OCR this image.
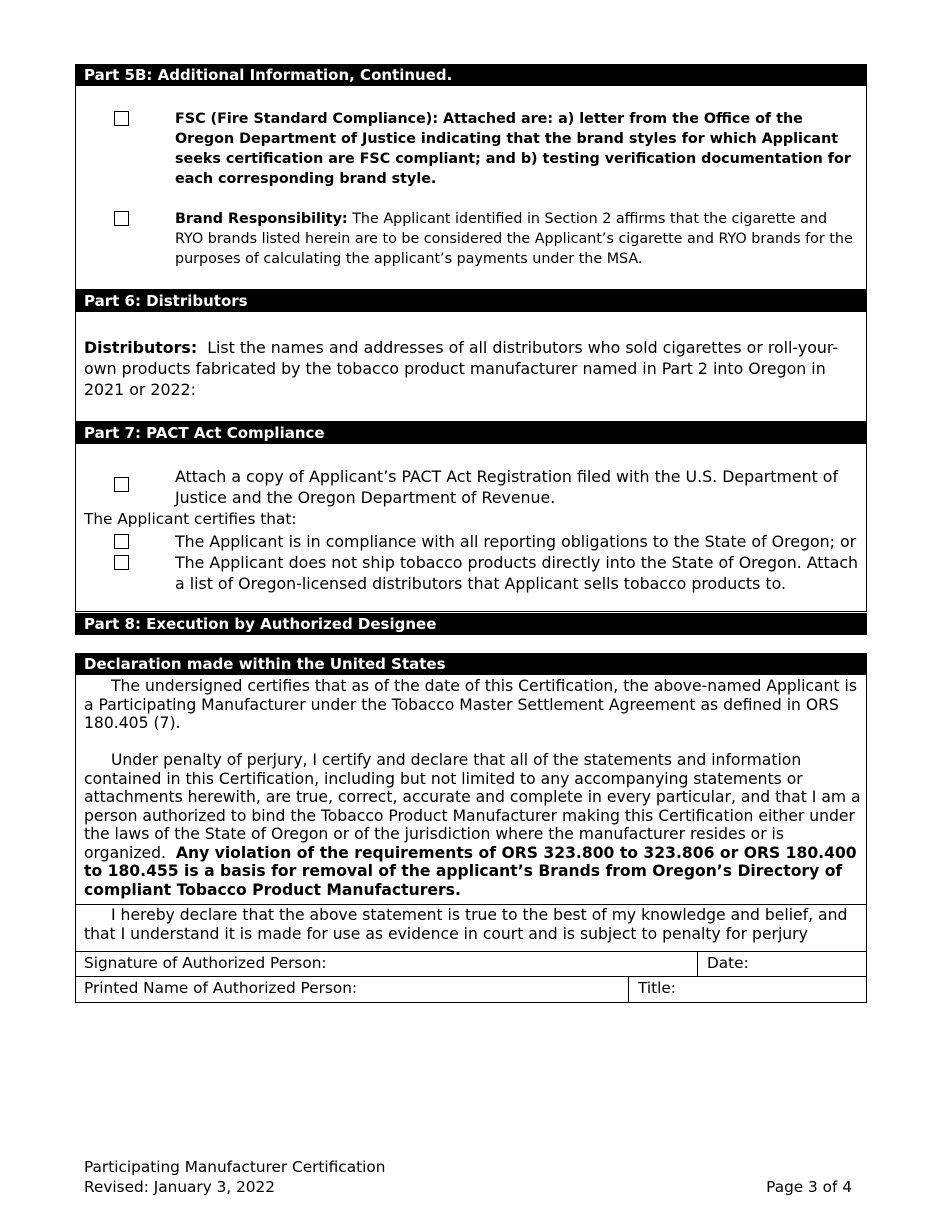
Part 5B: Additional Information, Continued.
FSC (Fire Standard Compliance): Attached are: a) letter from the Office of the Oregon Department of Justice indicating that the brand styles for which Applicant seeks certification are FSC compliant; and b) testing verification documentation for each corresponding brand style.
Brand Responsibility: The Applicant identified in Section 2 affirms that the cigarette and RYO brands listed herein are to be considered the Applicant’s cigarette and RYO brands for the purposes of calculating the applicant’s payments under the MSA.
Part 6: Distributors
Distributors: List the names and addresses of all distributors who sold cigarettes or roll-your-own products fabricated by the tobacco product manufacturer named in Part 2 into Oregon in 2021 or 2022:
Part 7: PACT Act Compliance
Attach a copy of Applicant’s PACT Act Registration filed with the U.S. Department of Justice and the Oregon Department of Revenue.
The Applicant certifies that:
The Applicant is in compliance with all reporting obligations to the State of Oregon; or
The Applicant does not ship tobacco products directly into the State of Oregon. Attach a list of Oregon-licensed distributors that Applicant sells tobacco products to.
Part 8: Execution by Authorized Designee
Declaration made within the United States
The undersigned certifies that as of the date of this Certification, the above-named Applicant is a Participating Manufacturer under the Tobacco Master Settlement Agreement as defined in ORS 180.405 (7).
Under penalty of perjury, I certify and declare that all of the statements and information contained in this Certification, including but not limited to any accompanying statements or attachments herewith, are true, correct, accurate and complete in every particular, and that I am a person authorized to bind the Tobacco Product Manufacturer making this Certification either under the laws of the State of Oregon or of the jurisdiction where the manufacturer resides or is organized. Any violation of the requirements of ORS 323.800 to 323.806 or ORS 180.400 to 180.455 is a basis for removal of the applicant’s Brands from Oregon’s Directory of compliant Tobacco Product Manufacturers.
I hereby declare that the above statement is true to the best of my knowledge and belief, and that I understand it is made for use as evidence in court and is subject to penalty for perjury
Signature of Authorized Person:	Date:
Printed Name of Authorized Person:	Title:
Participating Manufacturer Certification
Revised: January 3, 2022	Page 3 of 4
